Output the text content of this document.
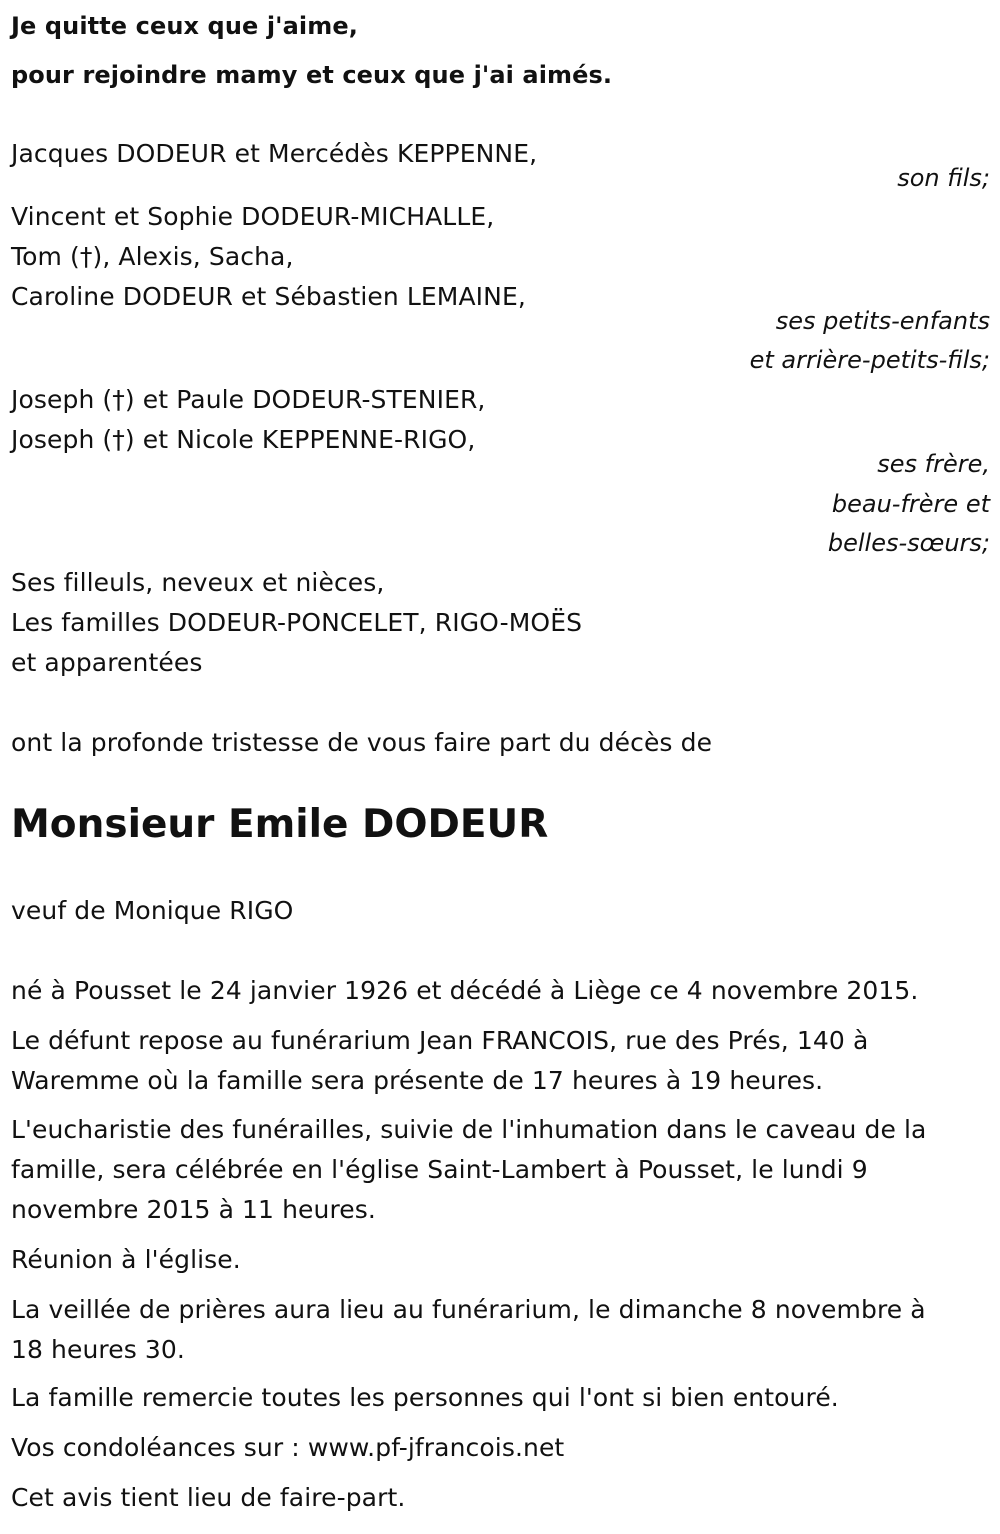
Je quitte ceux que j'aime,
pour rejoindre mamy et ceux que j'ai aimés.
Jacques DODEUR et Mercédès KEPPENNE,
son fils;
Vincent et Sophie DODEUR-MICHALLE,
Tom (†), Alexis, Sacha,
Caroline DODEUR et Sébastien LEMAINE,
ses petits-enfants
et arrière-petits-fils;
Joseph (†) et Paule DODEUR-STENIER,
Joseph (†) et Nicole KEPPENNE-RIGO,
ses frère,
beau-frère et
belles-sœurs;
Ses filleuls, neveux et nièces,
Les familles DODEUR-PONCELET, RIGO-MOËS
et apparentées
ont la profonde tristesse de vous faire part du décès de
Monsieur Emile DODEUR
veuf de Monique RIGO
né à Pousset le 24 janvier 1926 et décédé à Liège ce 4 novembre 2015.
Le défunt repose au funérarium Jean FRANCOIS, rue des Prés, 140 à
Waremme où la famille sera présente de 17 heures à 19 heures.
L'eucharistie des funérailles, suivie de l'inhumation dans le caveau de la
famille, sera célébrée en l'église Saint-Lambert à Pousset, le lundi 9
novembre 2015 à 11 heures.
Réunion à l'église.
La veillée de prières aura lieu au funérarium, le dimanche 8 novembre à
18 heures 30.
La famille remercie toutes les personnes qui l'ont si bien entouré.
Vos condoléances sur : www.pf-jfrancois.net
Cet avis tient lieu de faire-part.
